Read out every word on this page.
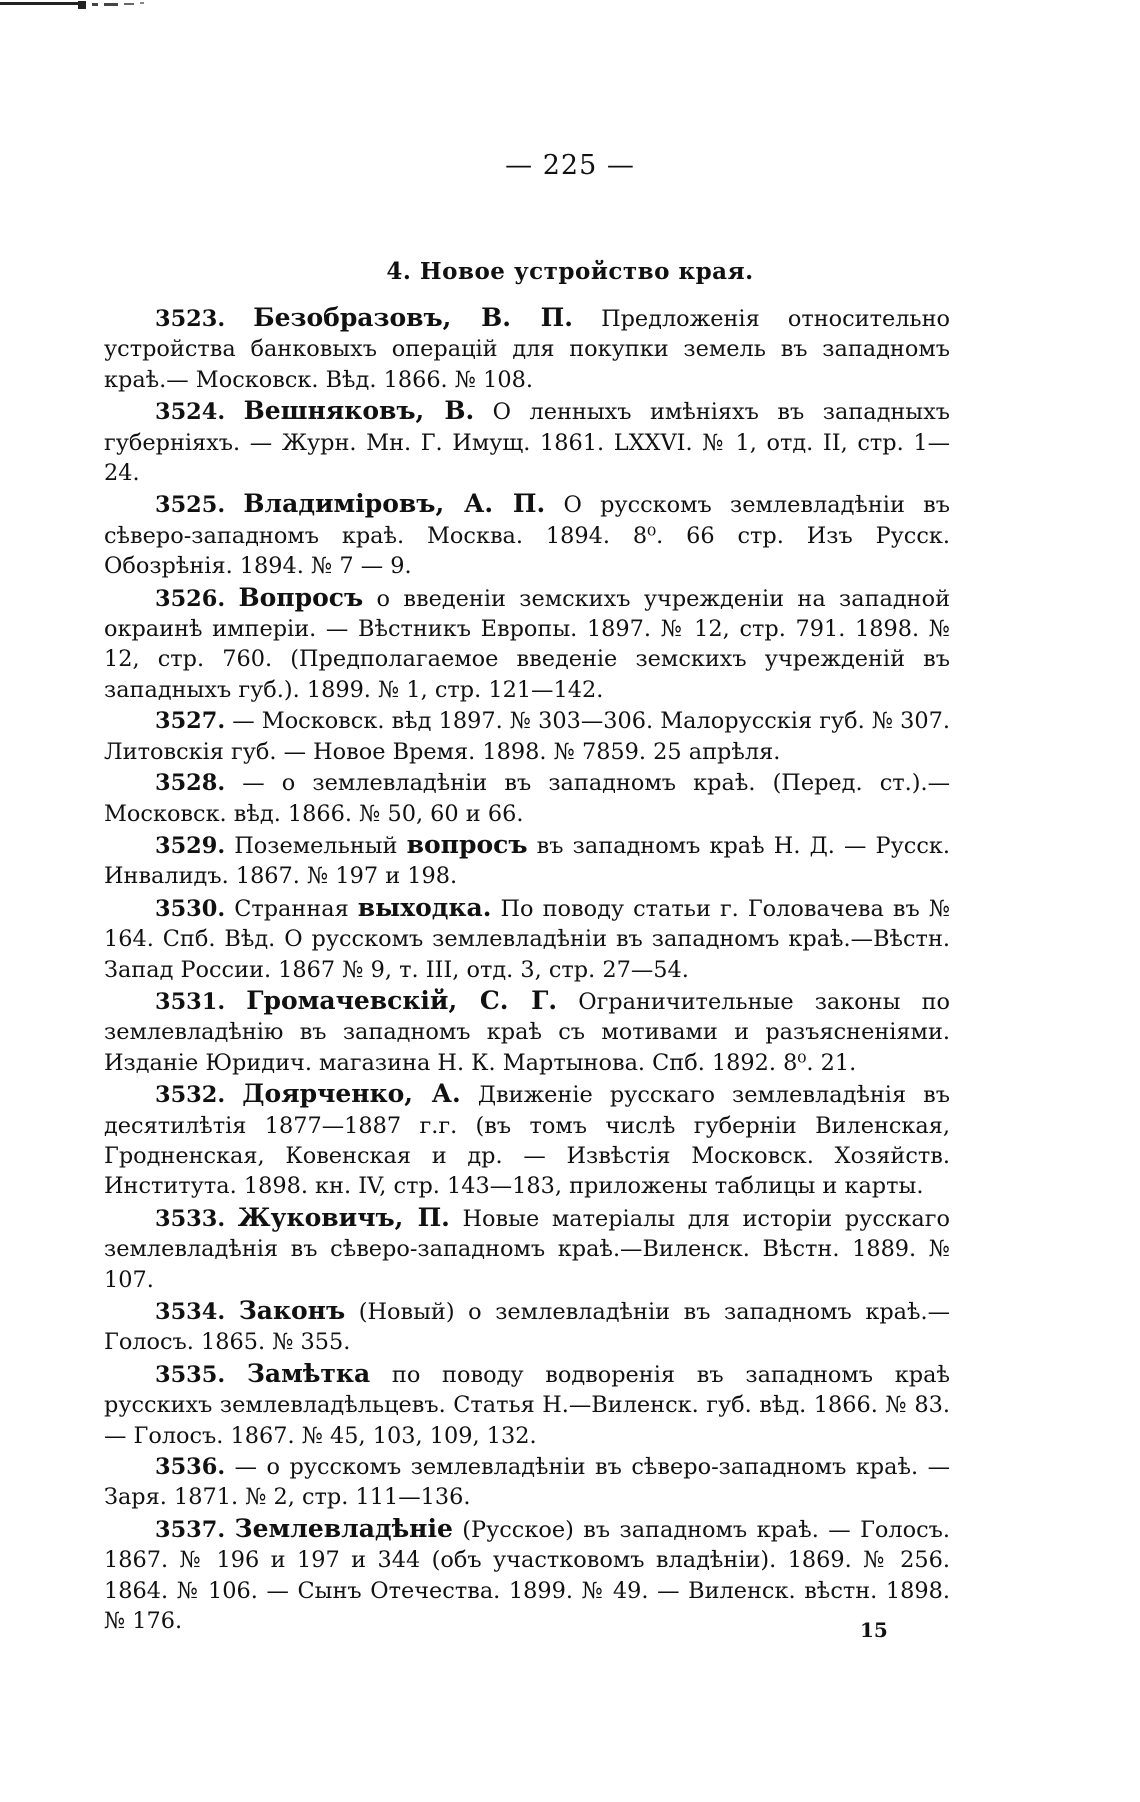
— 225 —
4. Новое устройство края.

3523. Безобразовъ, В. П. Предложенiя относительно устройства банковыхъ операцiй для покупки земель въ западномъ краѣ.— Московск. Вѣд. 1866. № 108.

3524. Вешняковъ, В. О ленныхъ имѣнiяхъ въ западныхъ губернiяхъ. — Журн. Мн. Г. Имущ. 1861. LXXVI. № 1, отд. II, стр. 1—24.

3525. Владимiровъ, А. П. О русскомъ землевладѣнiи въ сѣверо-западномъ краѣ. Москва. 1894. 8⁰. 66 стр. Изъ Русск. Обозрѣнiя. 1894. № 7 — 9.

3526. Вопросъ о введенiи земскихъ учрежденiи на западной окраинѣ имперiи. — Вѣстникъ Европы. 1897. № 12, стр. 791. 1898. № 12, стр. 760. (Предполагаемое введенiе земскихъ учрежденiй въ западныхъ губ.). 1899. № 1, стр. 121—142.

3527. — Московск. вѣд 1897. № 303—306. Малорусскiя губ. № 307. Литовскiя губ. — Новое Время. 1898. № 7859. 25 апрѣля.

3528. — о землевладѣнiи въ западномъ краѣ. (Перед. ст.).— Московск. вѣд. 1866. № 50, 60 и 66.

3529. Поземельный вопросъ въ западномъ краѣ Н. Д. — Русск. Инвалидъ. 1867. № 197 и 198.

3530. Странная выходка. По поводу статьи г. Головачева въ № 164. Спб. Вѣд. О русскомъ землевладѣнiи въ западномъ краѣ.—Вѣстн. Запад России. 1867 № 9, т. III, отд. 3, стр. 27—54.

3531. Громачевскiй, С. Г. Ограничительные законы по землевладѣнiю въ западномъ краѣ съ мотивами и разъясненiями. Изданiе Юридич. магазина Н. К. Мартынова. Спб. 1892. 8⁰. 21.

3532. Доярченко, А. Движенiе русскаго землевладѣнiя въ десятилѣтiя 1877—1887 г.г. (въ томъ числѣ губернiи Виленская, Гродненская, Ковенская и др. — Извѣстiя Московск. Хозяйств. Института. 1898. кн. IV, стр. 143—183, приложены таблицы и карты.

3533. Жуковичъ, П. Новые матерiалы для исторiи русскаго землевладѣнiя въ сѣверо-западномъ краѣ.—Виленск. Вѣстн. 1889. № 107.

3534. Законъ (Новый) о землевладѣнiи въ западномъ краѣ.— Голосъ. 1865. № 355.

3535. Замѣтка по поводу водворенiя въ западномъ краѣ русскихъ землевладѣльцевъ. Статья Н.—Виленск. губ. вѣд. 1866. № 83. — Голосъ. 1867. № 45, 103, 109, 132.

3536. — о русскомъ землевладѣнiи въ сѣверо-западномъ краѣ. — Заря. 1871. № 2, стр. 111—136.

3537. Землевладѣнiе (Русское) въ западномъ краѣ. — Голосъ. 1867. № 196 и 197 и 344 (объ участковомъ владѣнiи). 1869. № 256. 1864. № 106. — Сынъ Отечества. 1899. № 49. — Виленск. вѣстн. 1898. № 176.	15
